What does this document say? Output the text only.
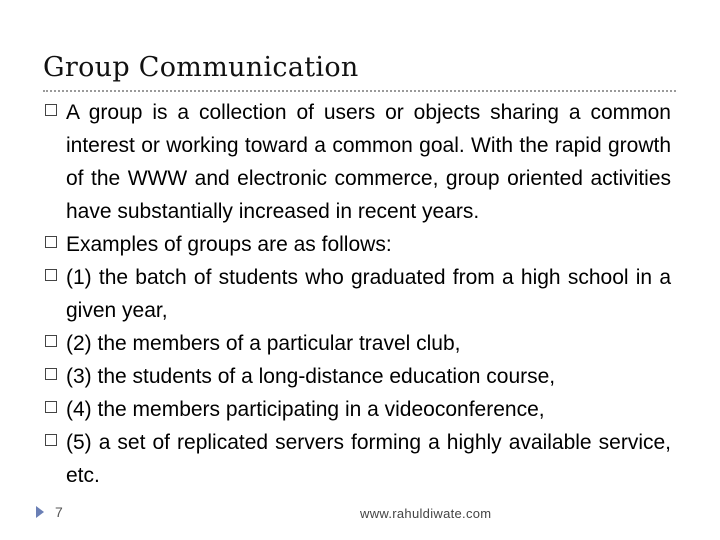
Group Communication
A group is a collection of users or objects sharing a common interest or working toward a common goal. With the rapid growth of the WWW and electronic commerce, group oriented activities have substantially increased in recent years.
Examples of groups are as follows:
(1) the batch of students who graduated from a high school in a given year,
(2) the members of a particular travel club,
(3) the students of a long-distance education course,
(4) the members participating in a videoconference,
(5) a set of replicated servers forming a highly available service, etc.
7	www.rahuldiwate.com
